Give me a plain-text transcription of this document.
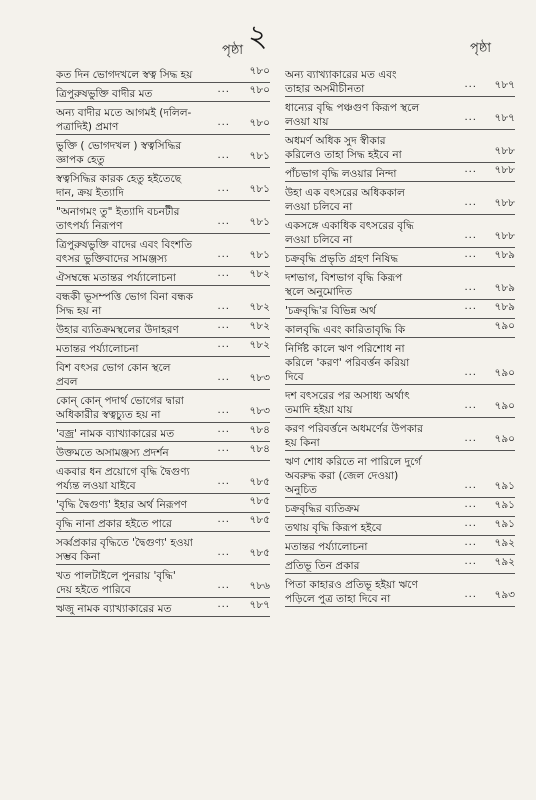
পৃষ্ঠা ২	পৃষ্ঠা
কত দিন ভোগদখলে স্বত্ব সিদ্ধ হয়	৭৮০
ত্রিপুরুষভুক্তি বাদীর মত	... ৭৮০
অন্য বাদীর মতে আগমই (দলিল-
পত্রাদিই) প্রমাণ	... ৭৮০
ভুক্তি ( ভোগদখল ) স্বত্বসিদ্ধির
জ্ঞাপক হেতু	... ৭৮১
স্বত্বসিদ্ধির কারক হেতু হইতেছে
দান, ক্রয় ইত্যাদি	... ৭৮১
"অনাগমং তু" ইত্যাদি বচনটীর
তাৎপর্য্য নিরূপণ	... ৭৮১
ত্রিপুরুষভুক্তি বাদের এবং বিংশতি
বৎসর ভুক্তিবাদের সামঞ্জস্য	... ৭৮১
ঐসম্বন্ধে মতান্তর পর্য্যালোচনা	... ৭৮২
বন্ধকী ভূসম্পত্তি ভোগ বিনা বন্ধক
সিদ্ধ হয় না	... ৭৮২
উহার ব্যতিক্রমস্থলের উদাহরণ	... ৭৮২
মতান্তর পর্য্যালোচনা	... ৭৮২
বিশ বৎসর ভোগ কোন স্থলে
প্রবল	... ৭৮৩
কোন্ কোন্ পদার্থ ভোগের দ্বারা
অধিকারীর স্বত্বচ্যুত হয় না	... ৭৮৩
'বজ্র' নামক ব্যাখ্যাকারের মত	... ৭৮৪
উক্তমতে অসামঞ্জস্য প্রদর্শন	... ৭৮৪
একবার ধন প্রয়োগে বৃদ্ধি দ্বৈগুণ্য
পর্য্যন্ত লওয়া যাইবে	... ৭৮৫
'বৃদ্ধি দ্বৈগুণ্য' ইহার অর্থ নিরূপণ	৭৮৫
বৃদ্ধি নানা প্রকার হইতে পারে	... ৭৮৫
সর্ব্বপ্রকার বৃদ্ধিতে 'দ্বৈগুণ্য' হওয়া
সম্ভব কিনা	... ৭৮৫
খত পালটাইলে পুনরায় 'বৃদ্ধি'
দেয় হইতে পারিবে	... ৭৮৬
ঋজু নামক ব্যাখ্যাকারের মত	... ৭৮৭
অন্য ব্যাখ্যাকারের মত এবং
তাহার অসমীচীনতা	... ৭৮৭
ধান্যের বৃদ্ধি পঞ্চগুণ কিরূপ স্থলে
লওয়া যায়	... ৭৮৭
অধমর্ণ অধিক সুদ স্বীকার
করিলেও তাহা সিদ্ধ হইবে না	৭৮৮
পাঁচভাগ বৃদ্ধি লওয়ার নিন্দা	... ৭৮৮
উহা এক বৎসরের অধিককাল
লওয়া চলিবে না	... ৭৮৮
একসঙ্গে একাধিক বৎসরের বৃদ্ধি
লওয়া চলিবে না	... ৭৮৮
চক্রবৃদ্ধি প্রভৃতি গ্রহণ নিষিদ্ধ	... ৭৮৯
দশভাগ, বিশভাগ বৃদ্ধি কিরূপ
স্থলে অনুমোদিত	... ৭৮৯
'চক্রবৃদ্ধি'র বিভিন্ন অর্থ	... ৭৮৯
কালবৃদ্ধি এবং কারিতাবৃদ্ধি কি	৭৯০
নির্দিষ্ট কালে ঋণ পরিশোধ না
করিলে 'করণ' পরিবর্ত্তন করিয়া
দিবে	... ৭৯০
দশ বৎসরের পর অসাধ্য অর্থাৎ
তমাদি হইয়া যায়	... ৭৯০
করণ পরিবর্ত্তনে অধমর্ণের উপকার
হয় কিনা	... ৭৯০
ঋণ শোধ করিতে না পারিলে দুর্গে
অবরুদ্ধ করা (জেল দেওয়া)
অনুচিত	... ৭৯১
চক্রবৃদ্ধির ব্যতিক্রম	... ৭৯১
তথায় বৃদ্ধি কিরূপ হইবে	... ৭৯১
মতান্তর পর্য্যালোচনা	... ৭৯২
প্রতিভূ তিন প্রকার	... ৭৯২
পিতা কাহারও প্রতিভূ হইয়া ঋণে
পড়িলে পুত্র তাহা দিবে না	... ৭৯৩
